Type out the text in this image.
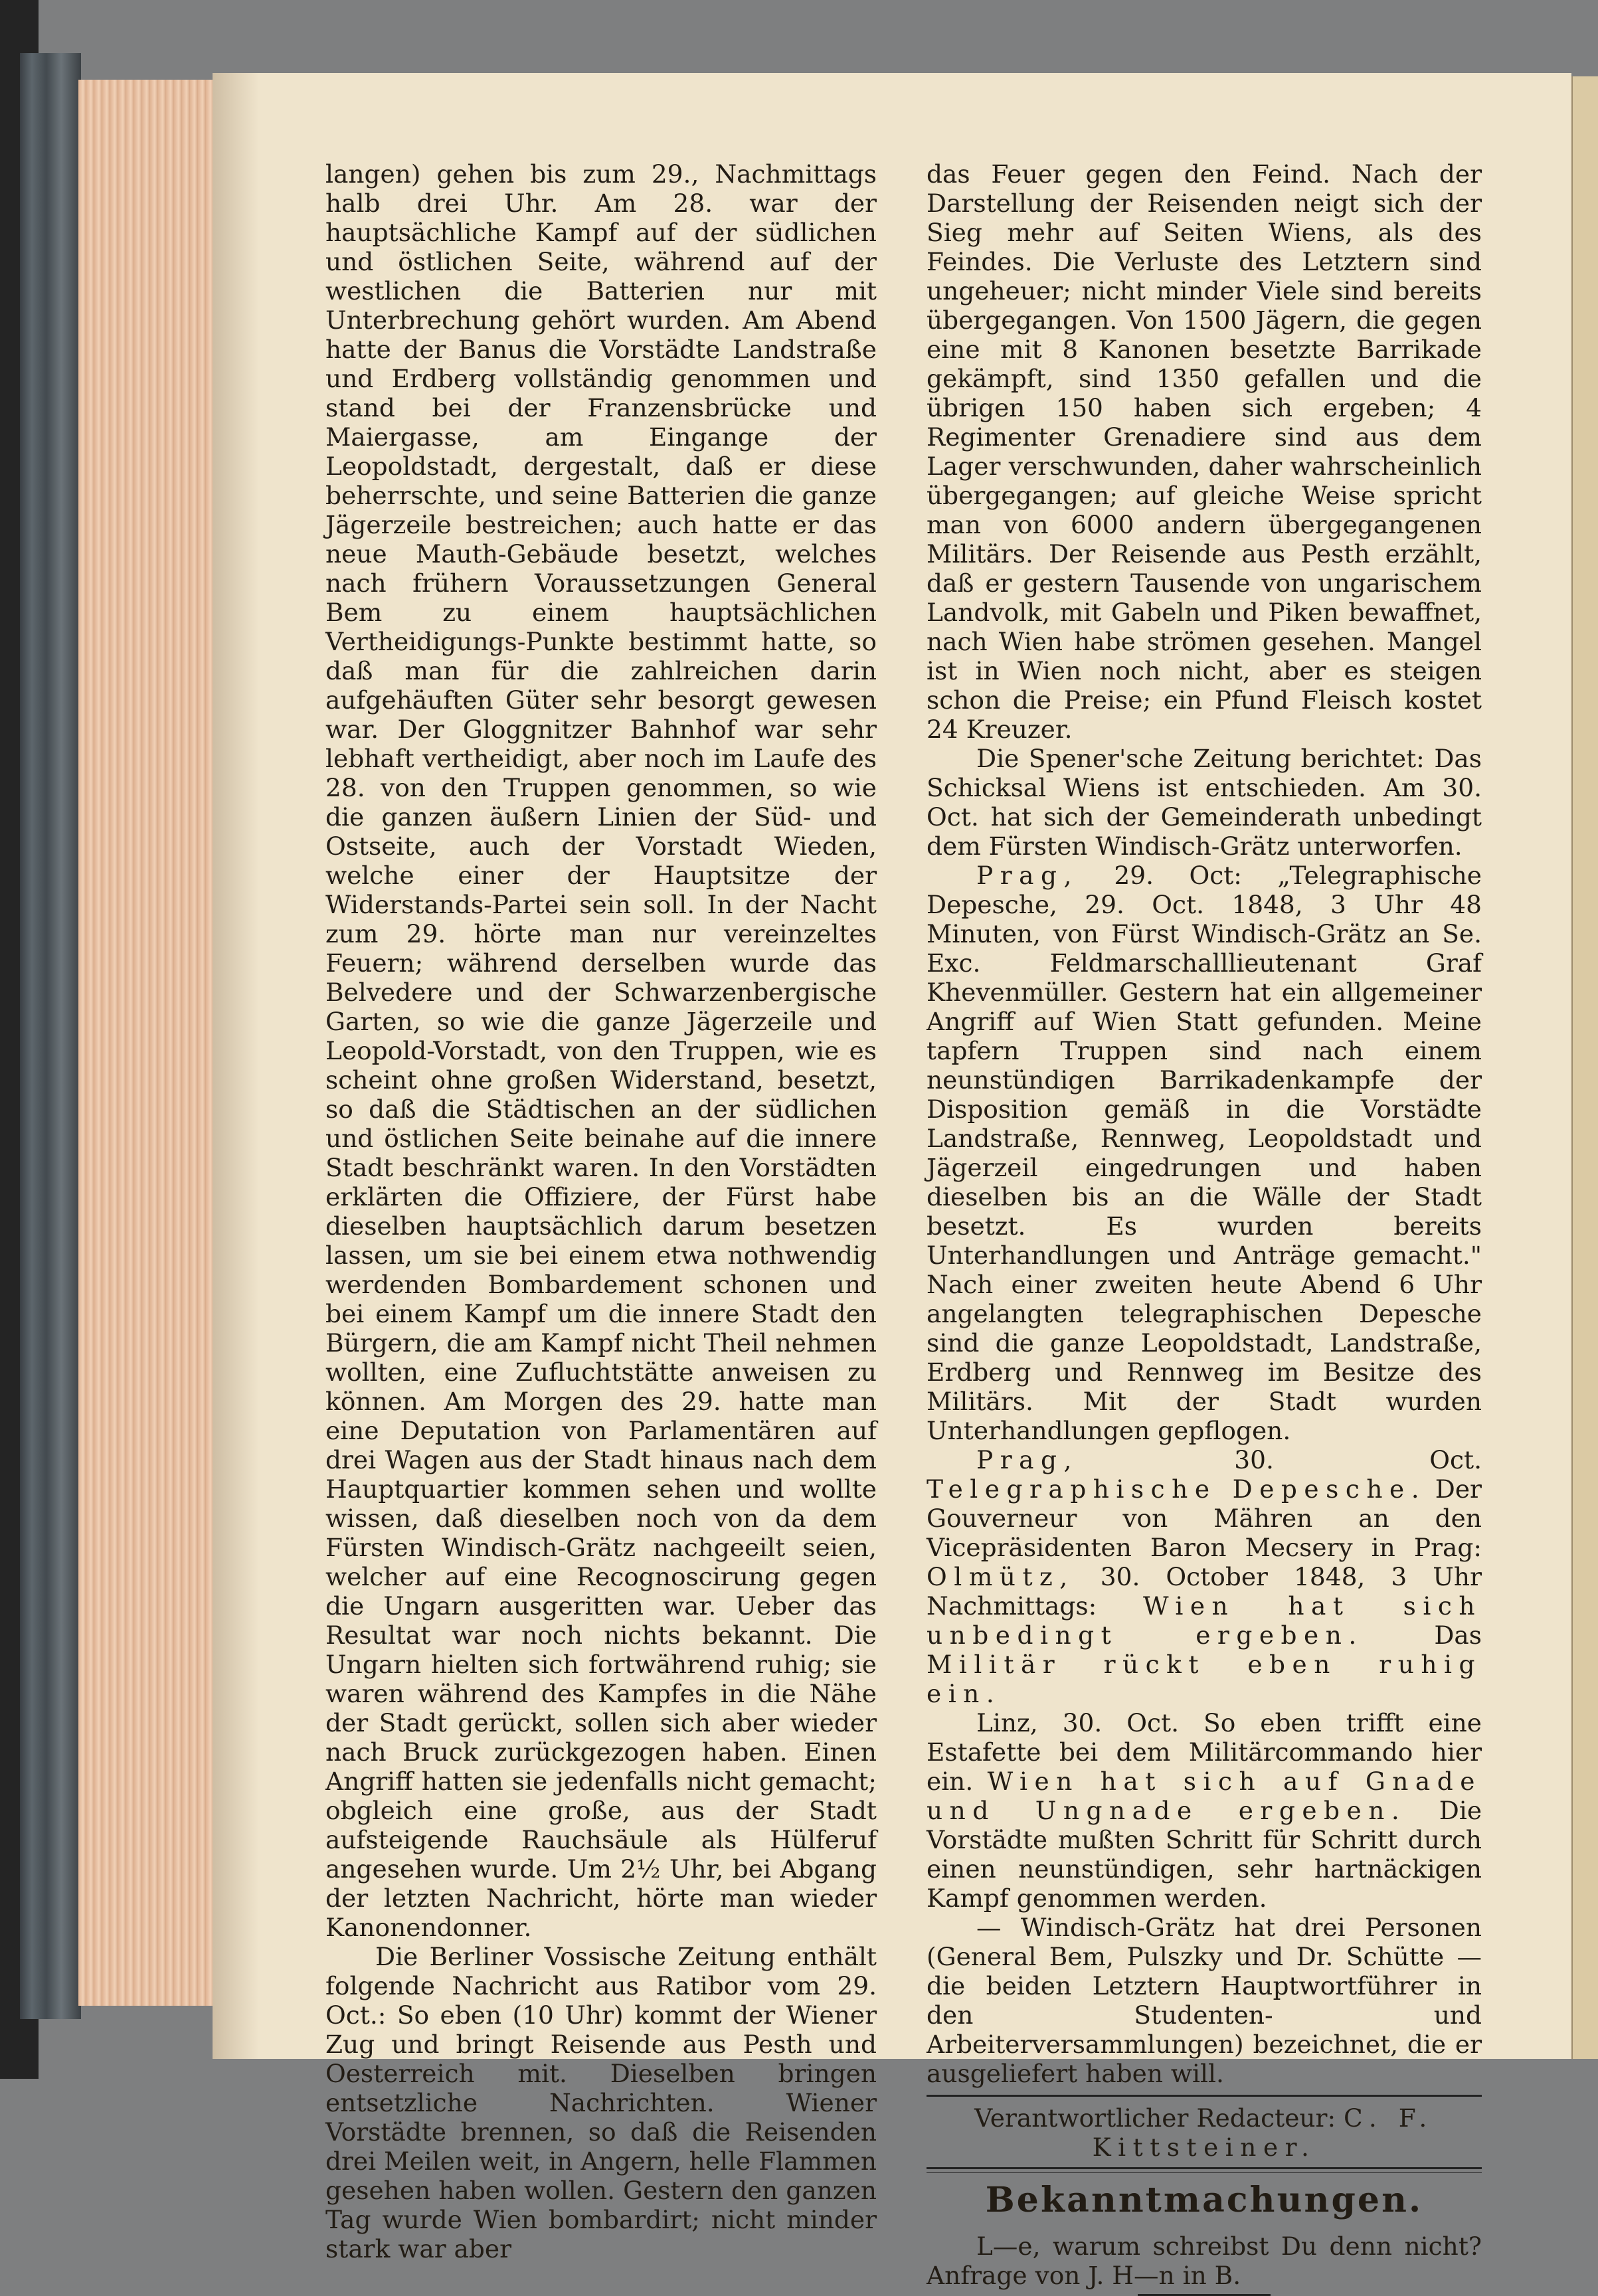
langen) gehen bis zum 29., Nachmittags halb drei Uhr. Am 28. war der hauptsächliche Kampf auf der südlichen und östlichen Seite, während auf der westlichen die Batterien nur mit Unterbrechung gehört wurden. Am Abend hatte der Banus die Vorstädte Landstraße und Erdberg vollständig genommen und stand bei der Franzensbrücke und Maiergasse, am Eingange der Leopoldstadt, dergestalt, daß er diese beherrschte, und seine Batterien die ganze Jägerzeile bestreichen; auch hatte er das neue Mauth-Gebäude besetzt, welches nach frühern Voraussetzungen General Bem zu einem hauptsächlichen Vertheidigungs-Punkte bestimmt hatte, so daß man für die zahlreichen darin aufgehäuften Güter sehr besorgt gewesen war. Der Gloggnitzer Bahnhof war sehr lebhaft vertheidigt, aber noch im Laufe des 28. von den Truppen genommen, so wie die ganzen äußern Linien der Süd- und Ostseite, auch der Vorstadt Wieden, welche einer der Hauptsitze der Widerstands-Partei sein soll. In der Nacht zum 29. hörte man nur vereinzeltes Feuern; während derselben wurde das Belvedere und der Schwarzenbergische Garten, so wie die ganze Jägerzeile und Leopold-Vorstadt, von den Truppen, wie es scheint ohne großen Widerstand, besetzt, so daß die Städtischen an der südlichen und östlichen Seite beinahe auf die innere Stadt beschränkt waren. In den Vorstädten erklärten die Offiziere, der Fürst habe dieselben hauptsächlich darum besetzen lassen, um sie bei einem etwa nothwendig werdenden Bombardement schonen und bei einem Kampf um die innere Stadt den Bürgern, die am Kampf nicht Theil nehmen wollten, eine Zufluchtstätte anweisen zu können. Am Morgen des 29. hatte man eine Deputation von Parlamentären auf drei Wagen aus der Stadt hinaus nach dem Hauptquartier kommen sehen und wollte wissen, daß dieselben noch von da dem Fürsten Windisch-Grätz nachgeeilt seien, welcher auf eine Recognoscirung gegen die Ungarn ausgeritten war. Ueber das Resultat war noch nichts bekannt. Die Ungarn hielten sich fortwährend ruhig; sie waren während des Kampfes in die Nähe der Stadt gerückt, sollen sich aber wieder nach Bruck zurückgezogen haben. Einen Angriff hatten sie jedenfalls nicht gemacht; obgleich eine große, aus der Stadt aufsteigende Rauchsäule als Hülferuf angesehen wurde. Um 2½ Uhr, bei Abgang der letzten Nachricht, hörte man wieder Kanonendonner.

Die Berliner Vossische Zeitung enthält folgende Nachricht aus Ratibor vom 29. Oct.: So eben (10 Uhr) kommt der Wiener Zug und bringt Reisende aus Pesth und Oesterreich mit. Dieselben bringen entsetzliche Nachrichten. Wiener Vorstädte brennen, so daß die Reisenden drei Meilen weit, in Angern, helle Flammen gesehen haben wollen. Gestern den ganzen Tag wurde Wien bombardirt; nicht minder stark war aber

das Feuer gegen den Feind. Nach der Darstellung der Reisenden neigt sich der Sieg mehr auf Seiten Wiens, als des Feindes. Die Verluste des Letztern sind ungeheuer; nicht minder Viele sind bereits übergegangen. Von 1500 Jägern, die gegen eine mit 8 Kanonen besetzte Barrikade gekämpft, sind 1350 gefallen und die übrigen 150 haben sich ergeben; 4 Regimenter Grenadiere sind aus dem Lager verschwunden, daher wahrscheinlich übergegangen; auf gleiche Weise spricht man von 6000 andern übergegangenen Militärs. Der Reisende aus Pesth erzählt, daß er gestern Tausende von ungarischem Landvolk, mit Gabeln und Piken bewaffnet, nach Wien habe strömen gesehen. Mangel ist in Wien noch nicht, aber es steigen schon die Preise; ein Pfund Fleisch kostet 24 Kreuzer.

Die Spener'sche Zeitung berichtet: Das Schicksal Wiens ist entschieden. Am 30. Oct. hat sich der Gemeinderath unbedingt dem Fürsten Windisch-Grätz unterworfen.

Prag, 29. Oct: „Telegraphische Depesche, 29. Oct. 1848, 3 Uhr 48 Minuten, von Fürst Windisch-Grätz an Se. Exc. Feldmarschalllieutenant Graf Khevenmüller. Gestern hat ein allgemeiner Angriff auf Wien Statt gefunden. Meine tapfern Truppen sind nach einem neunstündigen Barrikadenkampfe der Disposition gemäß in die Vorstädte Landstraße, Rennweg, Leopoldstadt und Jägerzeil eingedrungen und haben dieselben bis an die Wälle der Stadt besetzt. Es wurden bereits Unterhandlungen und Anträge gemacht." Nach einer zweiten heute Abend 6 Uhr angelangten telegraphischen Depesche sind die ganze Leopoldstadt, Landstraße, Erdberg und Rennweg im Besitze des Militärs. Mit der Stadt wurden Unterhandlungen gepflogen.

Prag, 30. Oct. Telegraphische Depesche. Der Gouverneur von Mähren an den Vicepräsidenten Baron Mecsery in Prag: Olmütz, 30. October 1848, 3 Uhr Nachmittags: Wien hat sich unbedingt ergeben. Das Militär rückt eben ruhig ein.

Linz, 30. Oct. So eben trifft eine Estafette bei dem Militärcommando hier ein. Wien hat sich auf Gnade und Ungnade ergeben. Die Vorstädte mußten Schritt für Schritt durch einen neunstündigen, sehr hartnäckigen Kampf genommen werden.

— Windisch-Grätz hat drei Personen (General Bem, Pulszky und Dr. Schütte — die beiden Letztern Hauptwortführer in den Studenten- und Arbeiterversammlungen) bezeichnet, die er ausgeliefert haben will.

Verantwortlicher Redacteur: C. F. Kittsteiner.
Bekanntmachungen.

L—e, warum schreibst Du denn nicht? Anfrage von J. H—n in B.
